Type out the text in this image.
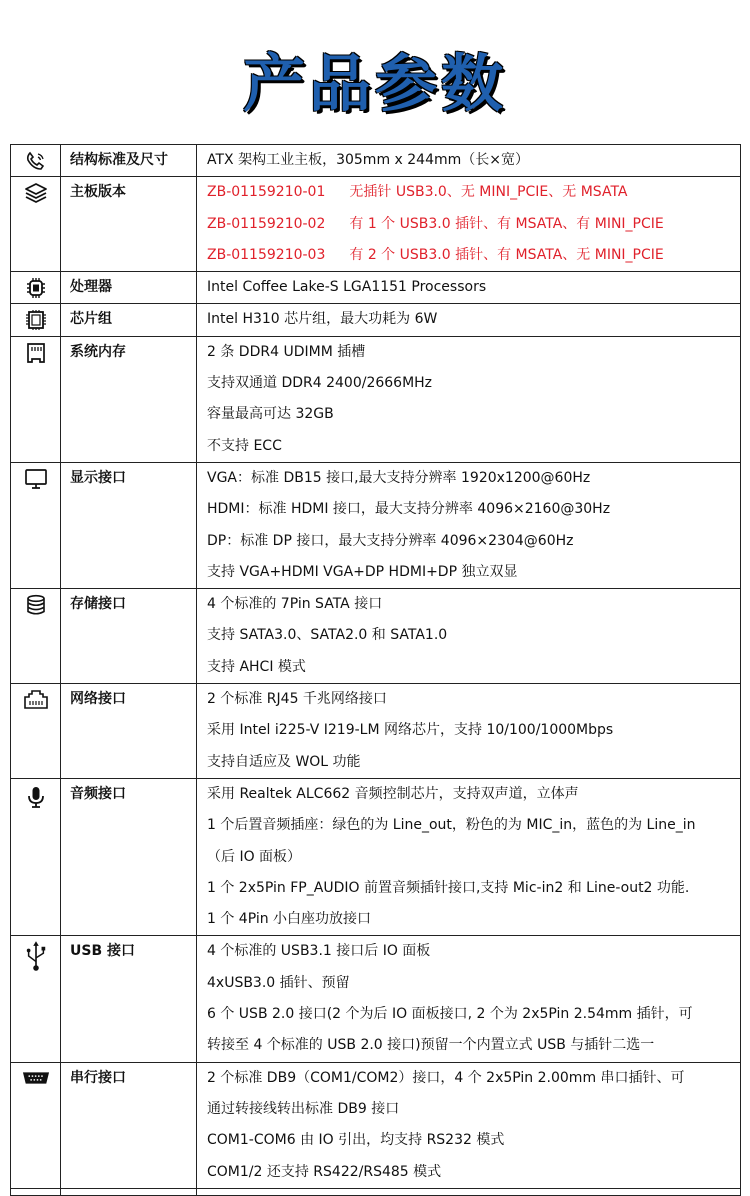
产品参数

结构标准及尺寸	ATX 架构工业主板，305mm x 244mm（长×宽）

主板版本	ZB-01159210-01 无插针 USB3.0、无 MINI_PCIE、无 MSATA
ZB-01159210-02 有 1 个 USB3.0 插针、有 MSATA、有 MINI_PCIE
ZB-01159210-03 有 2 个 USB3.0 插针、有 MSATA、无 MINI_PCIE

处理器	Intel Coffee Lake-S LGA1151 Processors

芯片组	Intel H310 芯片组，最大功耗为 6W

系统内存	2 条 DDR4 UDIMM 插槽
支持双通道 DDR4 2400/2666MHz
容量最高可达 32GB
不支持 ECC

显示接口	VGA：标准 DB15 接口,最大支持分辨率 1920x1200@60Hz
HDMI：标准 HDMI 接口，最大支持分辨率 4096×2160@30Hz
DP：标准 DP 接口，最大支持分辨率 4096×2304@60Hz
支持 VGA+HDMI VGA+DP HDMI+DP 独立双显

存储接口	4 个标准的 7Pin SATA 接口
支持 SATA3.0、SATA2.0 和 SATA1.0
支持 AHCI 模式

网络接口	2 个标准 RJ45 千兆网络接口
采用 Intel i225-V I219-LM 网络芯片，支持 10/100/1000Mbps
支持自适应及 WOL 功能

音频接口	采用 Realtek ALC662 音频控制芯片，支持双声道，立体声
1 个后置音频插座：绿色的为 Line_out，粉色的为 MIC_in，蓝色的为 Line_in
（后 IO 面板）
1 个 2x5Pin FP_AUDIO 前置音频插针接口,支持 Mic-in2 和 Line-out2 功能.
1 个 4Pin 小白座功放接口

USB 接口	4 个标准的 USB3.1 接口后 IO 面板
4xUSB3.0 插针、预留
6 个 USB 2.0 接口(2 个为后 IO 面板接口, 2 个为 2x5Pin 2.54mm 插针，可
转接至 4 个标准的 USB 2.0 接口)预留一个内置立式 USB 与插针二选一

串行接口	2 个标准 DB9（COM1/COM2）接口，4 个 2x5Pin 2.00mm 串口插针、可
通过转接线转出标准 DB9 接口
COM1-COM6 由 IO 引出，均支持 RS232 模式
COM1/2 还支持 RS422/RS485 模式
